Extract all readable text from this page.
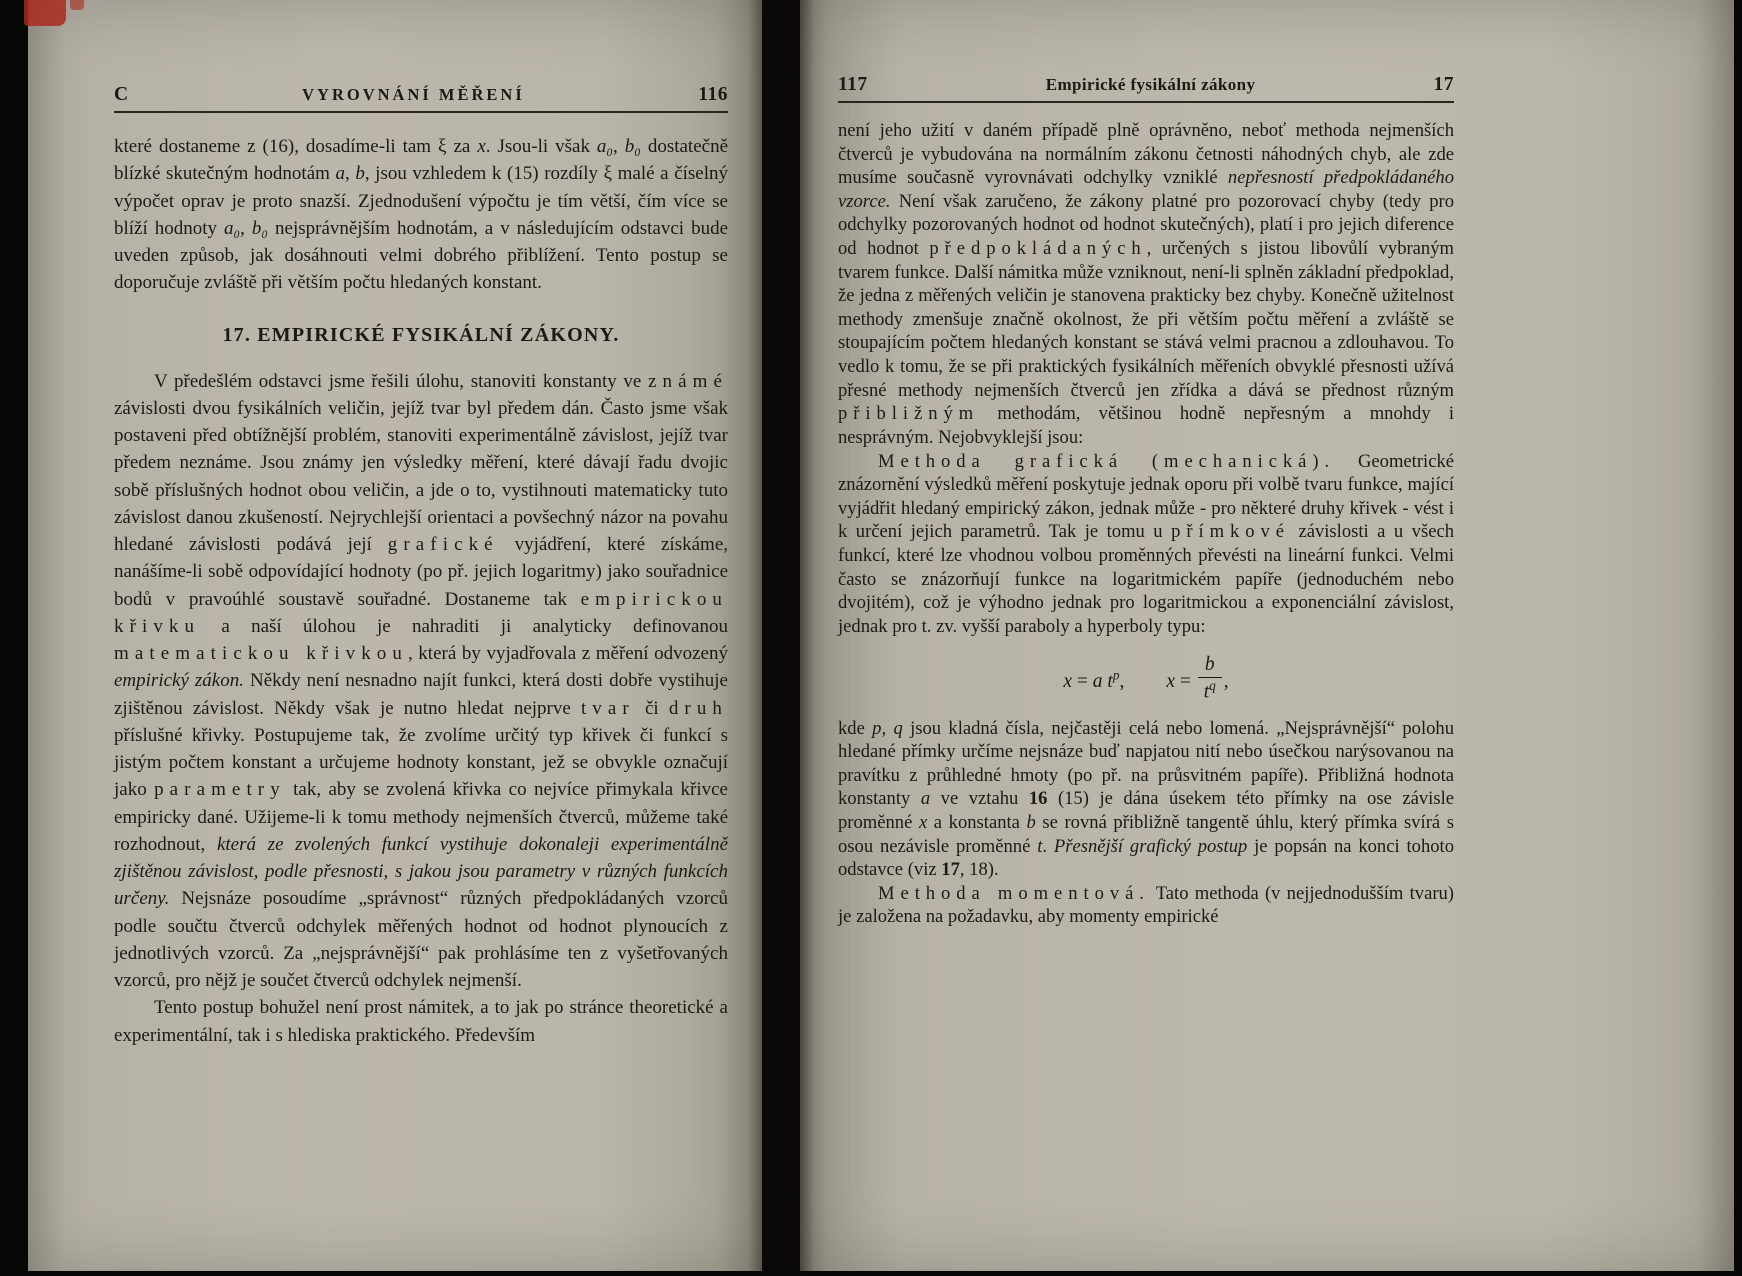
C	VYROVNÁNÍ MĚŘENÍ	116

které dostaneme z (16), dosadíme-li tam ξ za x. Jsou-li však a₀, b₀ dostatečně blízké skutečným hodnotám a, b, jsou vzhledem k (15) rozdíly ξ malé a číselný výpočet oprav je proto snazší. Zjednodušení výpočtu je tím větší, čím více se blíží hodnoty a₀, b₀ nejsprávnějším hodnotám, a v následujícím odstavci bude uveden způsob, jak dosáhnouti velmi dobrého přiblížení. Tento postup se doporučuje zvláště při větším počtu hledaných konstant.

17. EMPIRICKÉ FYSIKÁLNÍ ZÁKONY.

V předešlém odstavci jsme řešili úlohu, stanoviti konstanty ve známé závislosti dvou fysikálních veličin, jejíž tvar byl předem dán. Často jsme však postaveni před obtížnější problém, stanoviti experimentálně závislost, jejíž tvar předem neznáme. Jsou známy jen výsledky měření, které dávají řadu dvojic sobě příslušných hodnot obou veličin, a jde o to, vystihnouti matematicky tuto závislost danou zkušeností. Nejrychlejší orientaci a povšechný názor na povahu hledané závislosti podává její grafické vyjádření, které získáme, nanášíme-li sobě odpovídající hodnoty (po př. jejich logaritmy) jako souřadnice bodů v pravoúhlé soustavě souřadné. Dostaneme tak empirickou křivku a naší úlohou je nahraditi ji analyticky definovanou matematickou křivkou, která by vyjadřovala z měření odvozený empirický zákon. Někdy není nesnadno najít funkci, která dosti dobře vystihuje zjištěnou závislost. Někdy však je nutno hledat nejprve tvar či druh příslušné křivky. Postupujeme tak, že zvolíme určitý typ křivek či funkcí s jistým počtem konstant a určujeme hodnoty konstant, jež se obvykle označují jako parametry tak, aby se zvolená křivka co nejvíce přimykala křivce empiricky dané. Užijeme-li k tomu methody nejmenších čtverců, můžeme také rozhodnout, která ze zvolených funkcí vystihuje dokonaleji experimentálně zjištěnou závislost, podle přesnosti, s jakou jsou parametry v různých funkcích určeny. Nejsnáze posoudíme „správnost“ různých předpokládaných vzorců podle součtu čtverců odchylek měřených hodnot od hodnot plynoucích z jednotlivých vzorců. Za „nejsprávnější“ pak prohlásíme ten z vyšetřovaných vzorců, pro nějž je součet čtverců odchylek nejmenší.

Tento postup bohužel není prost námitek, a to jak po stránce theoretické a experimentální, tak i s hlediska praktického. Především

117	Empirické fysikální zákony	17

není jeho užití v daném případě plně oprávněno, neboť methoda nejmenších čtverců je vybudována na normálním zákonu četnosti náhodných chyb, ale zde musíme současně vyrovnávati odchylky vzniklé nepřesností předpokládaného vzorce. Není však zaručeno, že zákony platné pro pozorovací chyby (tedy pro odchylky pozorovaných hodnot od hodnot skutečných), platí i pro jejich diference od hodnot předpokládaných, určených s jistou libovůlí vybraným tvarem funkce. Další námitka může vzniknout, není-li splněn základní předpoklad, že jedna z měřených veličin je stanovena prakticky bez chyby. Konečně užitelnost methody zmenšuje značně okolnost, že při větším počtu měření a zvláště se stoupajícím počtem hledaných konstant se stává velmi pracnou a zdlouhavou. To vedlo k tomu, že se při praktických fysikálních měřeních obvyklé přesnosti užívá přesné methody nejmenších čtverců jen zřídka a dává se přednost různým přibližným methodám, většinou hodně nepřesným a mnohdy i nesprávným. Nejobvyklejší jsou:

Methoda grafická (mechanická). Geometrické znázornění výsledků měření poskytuje jednak oporu při volbě tvaru funkce, mající vyjádřit hledaný empirický zákon, jednak může - pro některé druhy křivek - vést i k určení jejich parametrů. Tak je tomu u přímkové závislosti a u všech funkcí, které lze vhodnou volbou proměnných převésti na lineární funkci. Velmi často se znázorňují funkce na logaritmickém papíře (jednoduchém nebo dvojitém), což je výhodno jednak pro logaritmickou a exponenciální závislost, jednak pro t. zv. vyšší paraboly a hyperboly typu:

x = a $t^p$, $x = \frac{b}{t^q}$ ,

kde p, q jsou kladná čísla, nejčastěji celá nebo lomená. „Nejsprávnější“ polohu hledané přímky určíme nejsnáze buď napjatou nití nebo úsečkou narýsovanou na pravítku z průhledné hmoty (po př. na průsvitném papíře). Přibližná hodnota konstanty a ve vztahu 16 (15) je dána úsekem této přímky na ose závisle proměnné x a konstanta b se rovná přibližně tangentě úhlu, který přímka svírá s osou nezávisle proměnné t. Přesnější grafický postup je popsán na konci tohoto odstavce (viz 17, 18).

Methoda momentová. Tato methoda (v nejjednodušším tvaru) je založena na požadavku, aby momenty empirické
